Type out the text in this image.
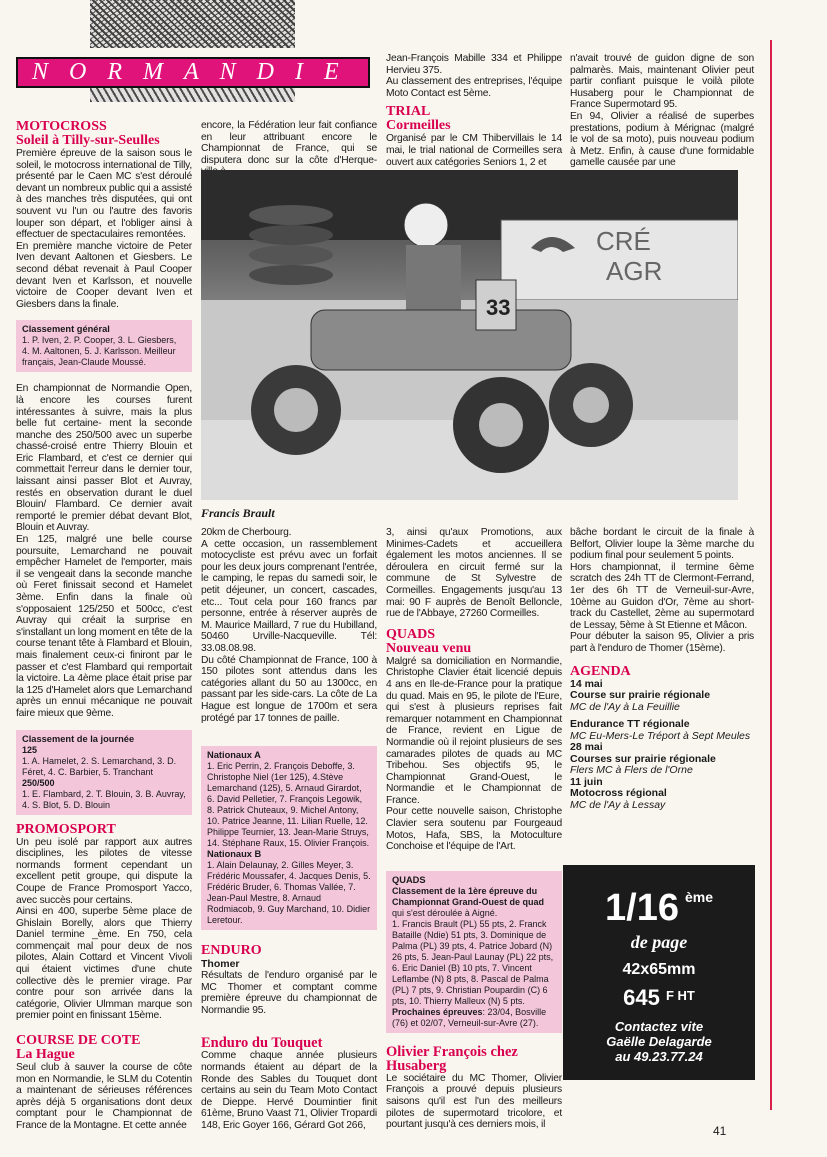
NORMANDIE
MOTOCROSS
Soleil à Tilly-sur-Seulles

Première épreuve de la saison sous le soleil, le motocross international de Tilly, présenté par le Caen MC s'est déroulé devant un nombreux public qui a assisté à des manches très disputées, qui ont souvent vu l'un ou l'autre des favoris louper son départ, et l'obliger ainsi à effectuer de spectaculaires remontées.

En première manche victoire de Peter Iven devant Aaltonen et Giesbers. Le second débat revenait à Paul Cooper devant Iven et Karlsson, et nouvelle victoire de Cooper devant Iven et Giesbers dans la finale.

Classement général
1. P. Iven, 2. P. Cooper, 3. L. Giesbers, 4. M. Aaltonen, 5. J. Karlsson. Meilleur français, Jean-Claude Moussé.

En championnat de Normandie Open, là encore les courses furent intéressantes à suivre, mais la plus belle fut certaine- ment la seconde manche des 250/500 avec un superbe chassé-croisé entre Thierry Blouin et Eric Flambard, et c'est ce dernier qui commettait l'erreur dans le dernier tour, laissant ainsi passer Blot et Auvray, restés en observation durant le duel Blouin/ Flambard. Ce dernier avait remporté le premier débat devant Blot, Blouin et Auvray.

En 125, malgré une belle course poursuite, Lemarchand ne pouvait empêcher Hamelet de l'emporter, mais il se vengeait dans la seconde manche où Feret finissait second et Hamelet 3ème. Enfin dans la finale où s'opposaient 125/250 et 500cc, c'est Auvray qui créait la surprise en s'installant un long moment en tête de la course tenant tête à Flambard et Blouin, mais finalement ceux-ci finiront par le passer et c'est Flambard qui remportait la victoire. La 4ème place était prise par la 125 d'Hamelet alors que Lemarchand après un ennui mécanique ne pouvait faire mieux que 9ème.

Classement de la journée
125
1. A. Hamelet, 2. S. Lemarchand, 3. D. Féret, 4. C. Barbier, 5. Tranchant
250/500
1. E. Flambard, 2. T. Blouin, 3. B. Auvray, 4. S. Blot, 5. D. Blouin
PROMOSPORT

Un peu isolé par rapport aux autres disciplines, les pilotes de vitesse normands forment cependant un excellent petit groupe, qui dispute la Coupe de France Promosport Yacco, avec succès pour certains.

Ainsi en 400, superbe 5ème place de Ghislain Borelly, alors que Thierry Daniel termine _ème. En 750, cela commençait mal pour deux de nos pilotes, Alain Cottard et Vincent Vivoli qui étaient victimes d'une chute collective dès le premier virage. Par contre pour son arrivée dans la catégorie, Olivier Ulmman marque son premier point en finissant 15ème.

COURSE DE COTE
La Hague

Seul club à sauver la course de côte mon en Normandie, le SLM du Cotentin a maintenant de sérieuses références après déjà 5 organisations dont deux comptant pour le Championnat de France de la Montagne. Et cette année

encore, la Fédération leur fait confiance en leur attribuant encore le Championnat de France, qui se disputera donc sur la côte d'Herque-

CRÉ
AGR
33
Francis Brault

20km de Cherbourg.

A cette occasion, un rassemblement motocycliste est prévu avec un forfait pour les deux jours comprenant l'entrée, le camping, le repas du samedi soir, le petit déjeuner, un concert, cascades, etc... Tout cela pour 160 francs par personne, entrée à réserver auprès de M. Maurice Maillard, 7 rue du Hubilland, 50460 Urville-Nacqueville. Tél: 33.08.08.98.

Du côté Championnat de France, 100 à 150 pilotes sont attendus dans les catégories allant du 50 au 1300cc, en passant par les side-cars. La côte de La Hague est longue de 1700m et sera protégé par 17 tonnes de paille.

Nationaux A
1. Eric Perrin, 2. François Deboffe, 3. Christophe Niel (1er 125), 4.Stève Lemarchand (125), 5. Arnaud Girardot, 6. David Pelletier, 7. François Legowik, 8. Patrick Chuteaux, 9. Michel Antony, 10. Patrice Jeanne, 11. Lilian Ruelle, 12. Philippe Teurnier, 13. Jean-Marie Struys, 14. Stéphane Raux, 15. Olivier François.
Nationaux B
1. Alain Delaunay, 2. Gilles Meyer, 3. Frédéric Moussafer, 4. Jacques Denis, 5. Frédéric Bruder, 6. Thomas Vallée, 7. Jean-Paul Mestre, 8. Arnaud Rodmiacob, 9. Guy Marchand, 10. Didier Leretour.
ENDURO
Thomer

Résultats de l'enduro organisé par le MC Thomer et comptant comme première épreuve du championnat de Normandie 95.

Enduro du Touquet

Comme chaque année plusieurs normands étaient au départ de la Ronde des Sables du Touquet dont certains au sein du Team Moto Contact de Dieppe. Hervé Doumintier finit 61ème, Bruno Vaast 71, Olivier Tropardi 148, Eric Goyer 166, Gérard Got 266,

Jean-François Mabille 334 et Philippe Hervieu 375.

Au classement des entreprises, l'équipe Moto Contact est 5ème.

TRIAL
Cormeilles

Organisé par le CM Thibervillais le 14 mai, le trial national de Cormeilles sera ouvert aux catégories Seniors 1, 2 et

3, ainsi qu'aux Promotions, aux Minimes-Cadets et accueillera également les motos anciennes. Il se déroulera en circuit fermé sur la commune de St Sylvestre de Cormeilles. Engagements jusqu'au 13 mai: 90 F auprès de Benoît Belloncle, rue de l'Abbaye, 27260 Cormeilles.

QUADS
Nouveau venu

Malgré sa domiciliation en Normandie, Christophe Clavier était licencié depuis 4 ans en Ile-de-France pour la pratique du quad. Mais en 95, le pilote de l'Eure, qui s'est à plusieurs reprises fait remarquer notamment en Championnat de France, revient en Ligue de Normandie où il rejoint plusieurs de ses camarades pilotes de quads au MC Tribehou. Ses objectifs 95, le Championnat Grand-Ouest, le Normandie et le Championnat de France.

Pour cette nouvelle saison, Christophe Clavier sera soutenu par Fourgeaud Motos, Hafa, SBS, la Motoculture Conchoise et l'équipe de l'Art.

QUADS
Classement de la 1ère épreuve du Championnat Grand-Ouest de quad qui s'est déroulée à Aigné.
1. Francis Brault (PL) 55 pts, 2. Franck Bataille (Ndie) 51 pts, 3. Dominique de Palma (PL) 39 pts, 4. Patrice Jobard (N) 26 pts, 5. Jean-Paul Launay (PL) 22 pts, 6. Eric Daniel (B) 10 pts, 7. Vincent Leflambe (N) 8 pts, 8. Pascal de Palma (PL) 7 pts, 9. Christian Poupardin (C) 6 pts, 10. Thierry Malleux (N) 5 pts.
Prochaines épreuves: 23/04, Bosville (76) et 02/07, Verneuil-sur-Avre (27).
Olivier François chez Husaberg

Le sociétaire du MC Thomer, Olivier François a prouvé depuis plusieurs saisons qu'il est l'un des meilleurs pilotes de supermotard tricolore, et pourtant jusqu'à ces derniers mois, il

n'avait trouvé de guidon digne de son palmarès. Mais, maintenant Olivier peut partir confiant puisque le voilà pilote Husaberg pour le Championnat de France Supermotard 95.

En 94, Olivier a réalisé de superbes prestations, podium à Mérignac (malgré le vol de sa moto), puis nouveau podium à Metz. Enfin, à cause d'une formidable gamelle causée par une

bâche bordant le circuit de la finale à Belfort, Olivier loupe la 3ème marche du podium final pour seulement 5 points.

Hors championnat, il termine 6ème scratch des 24h TT de Clermont-Ferrand, 1er des 6h TT de Verneuil-sur-Avre, 10ème au Guidon d'Or, 7ème au short-track du Castellet, 2ème au supermotard de Lessay, 5ème à St Etienne et Mâcon.

Pour débuter la saison 95, Olivier a pris part à l'enduro de Thomer (15ème).

AGENDA
14 mai
Course sur prairie régionale
MC de l'Ay à La Feuillie
Endurance TT régionale
MC Eu-Mers-Le Tréport à Sept Meules
28 mai
Courses sur prairie régionale
Flers MC à Flers de l'Orne
11 juin
Motocross régional
MC de l'Ay à Lessay
1/16 $^{ème}$
de page
42x65mm
645 $^{F HT}$
Contactez vite
Gaëlle Delagarde
au 49.23.77.24
41
